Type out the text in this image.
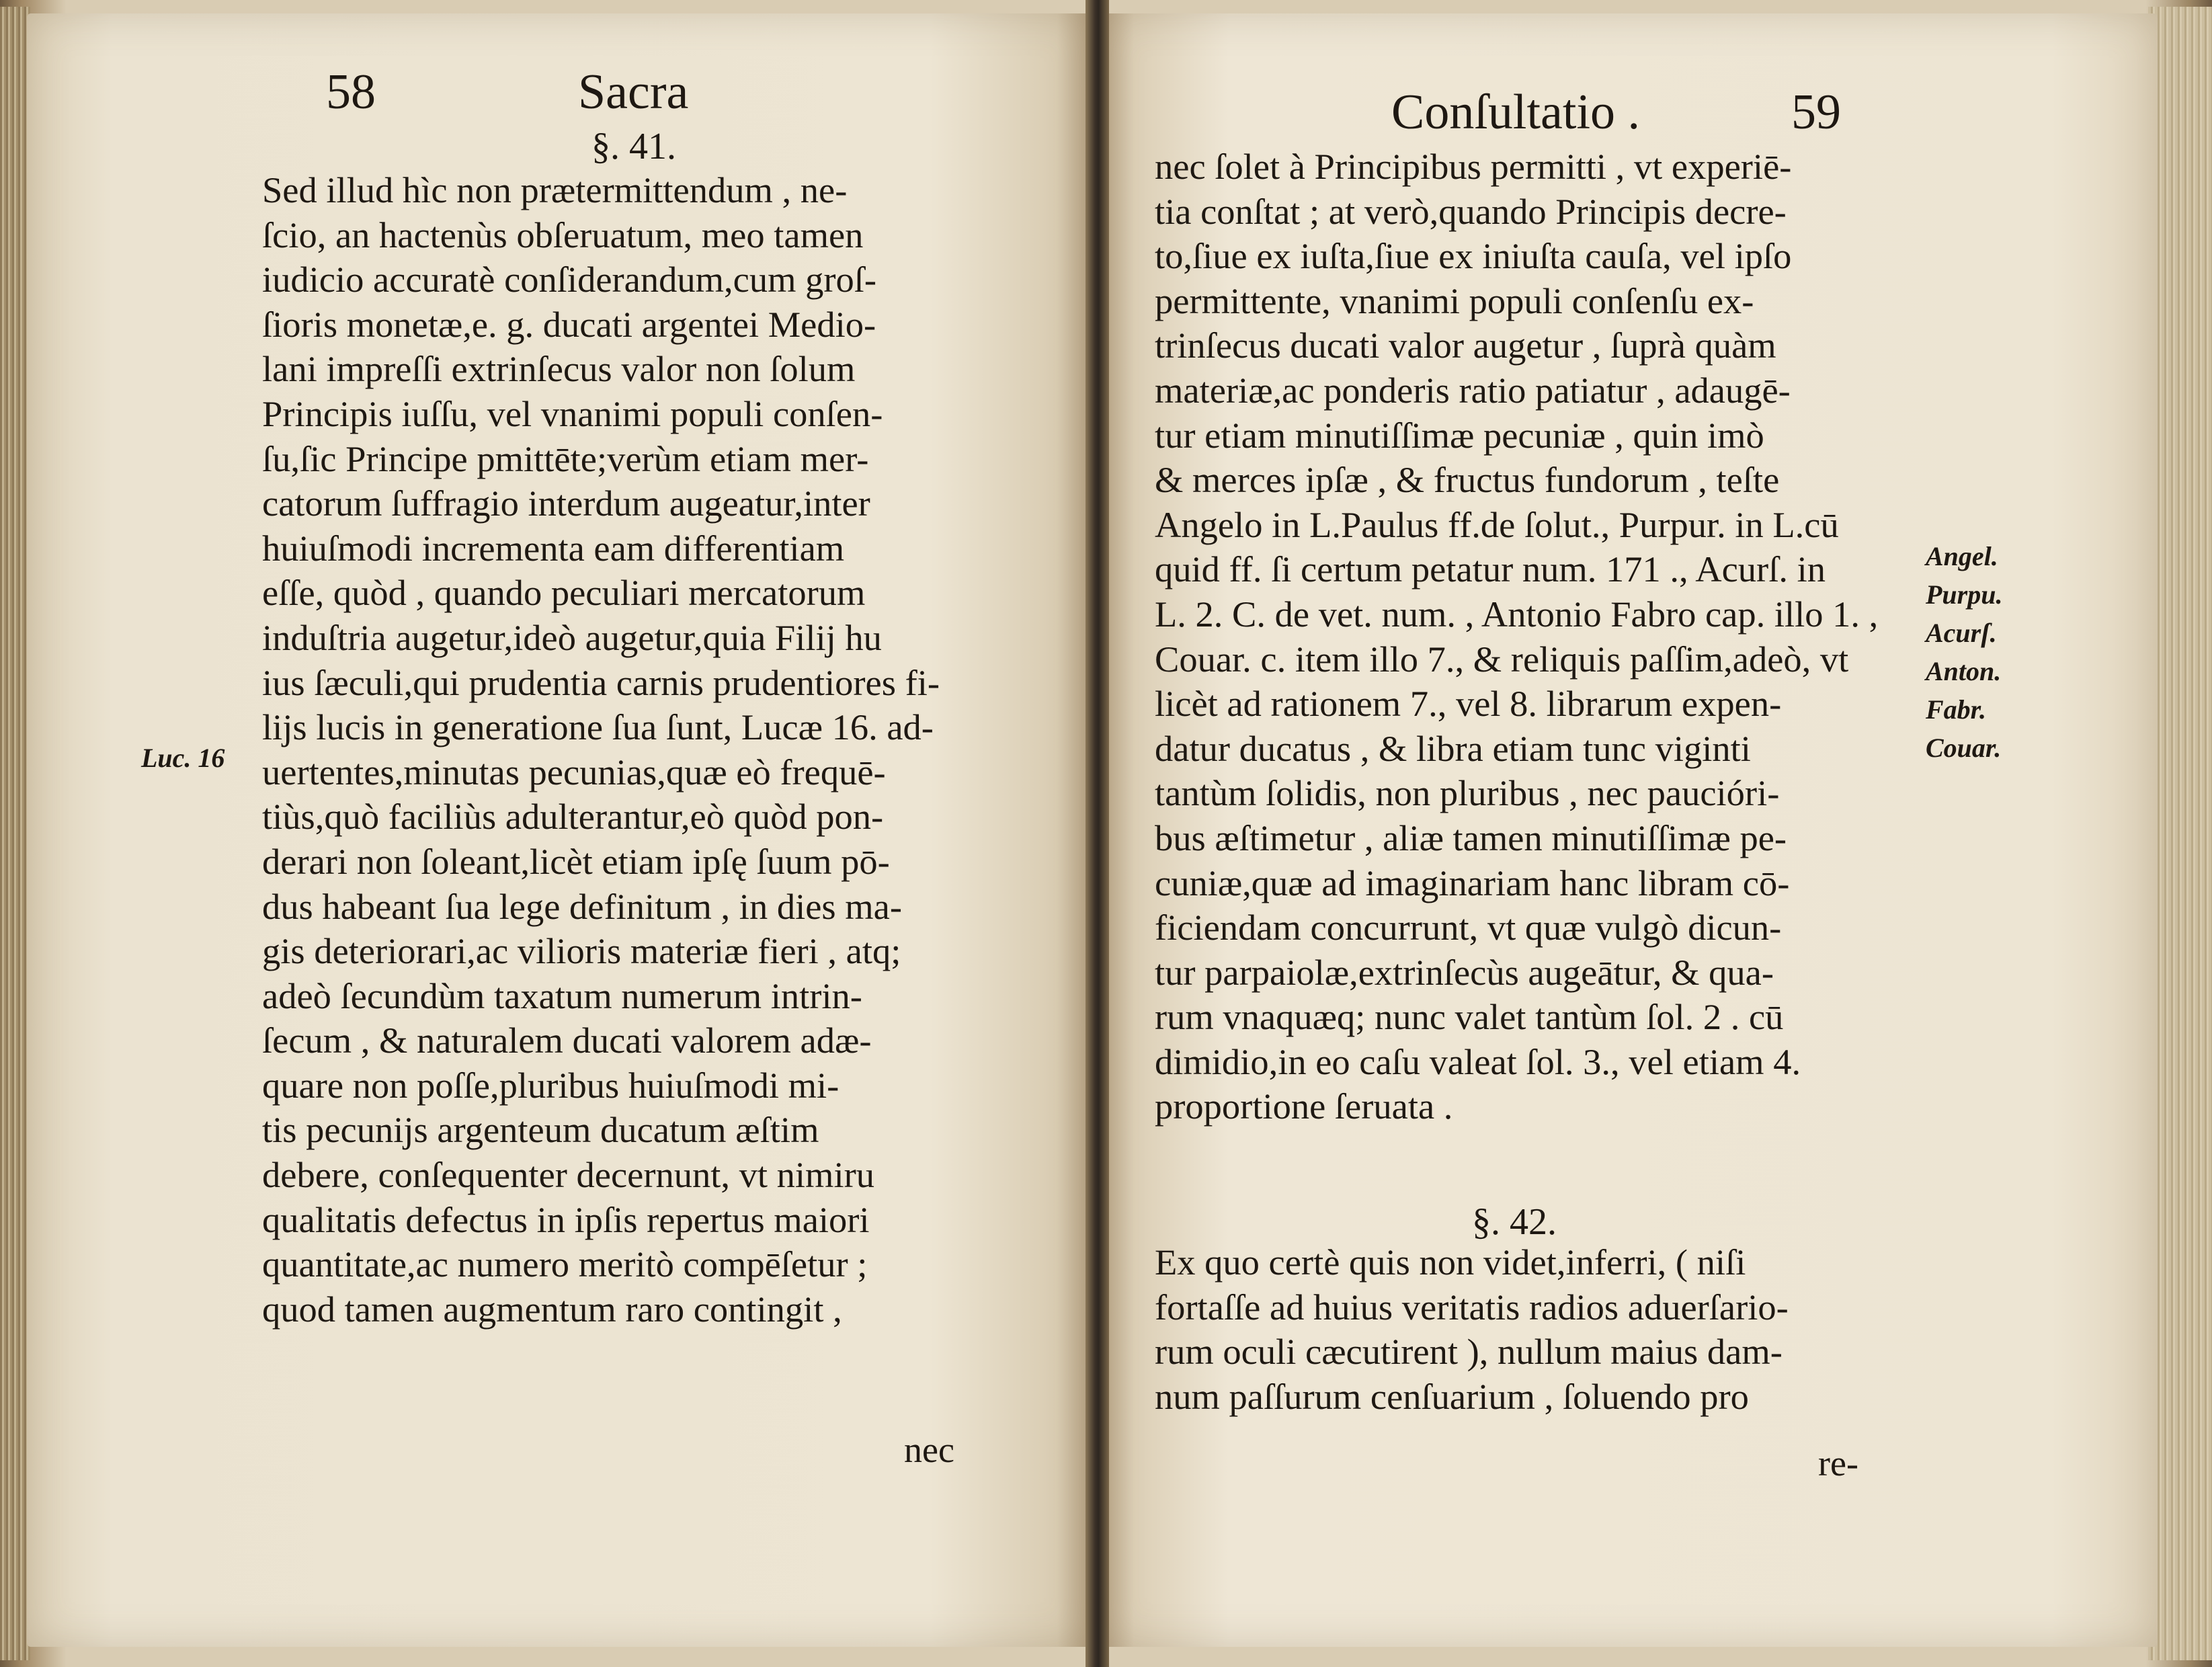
58	Sacra
§. 41.
Sed illud hìc non prætermittendum , ne-
ſcio, an hactenùs obſeruatum, meo tamen
iudicio accuratè conſiderandum,cum groſ-
ſioris monetæ,e. g. ducati argentei Medio-
lani impreſſi extrinſecus valor non ſolum
Principis iuſſu, vel vnanimi populi conſen-
ſu,ſic Principe pmittēte;verùm etiam mer-
catorum ſuffragio interdum augeatur,inter
huiuſmodi incrementa eam differentiam
eſſe, quòd , quando peculiari mercatorum
induſtria augetur,ideò augetur,quia Filij hu
ius ſæculi,qui prudentia carnis prudentiores fi-
lijs lucis in generatione ſua ſunt, Lucæ 16. ad-
uertentes,minutas pecunias,quæ eò frequē-
tiùs,quò faciliùs adulterantur,eò quòd pon-
derari non ſoleant,licèt etiam ipſę ſuum pō-
dus habeant ſua lege definitum , in dies ma-
gis deteriorari,ac vilioris materiæ fieri , atq;
adeò ſecundùm taxatum numerum intrin-
ſecum , & naturalem ducati valorem adæ-
quare non poſſe,pluribus huiuſmodi mi-
tis pecunijs argenteum ducatum æſtim
debere, conſequenter decernunt, vt nimiru
qualitatis defectus in ipſis repertus maiori
quantitate,ac numero meritò compēſetur ;
quod tamen augmentum raro contingit ,
Luc. 16
nec
Conſultatio .	59
nec ſolet à Principibus permitti , vt experiē-
tia conſtat ; at verò,quando Principis decre-
to,ſiue ex iuſta,ſiue ex iniuſta cauſa, vel ipſo
permittente, vnanimi populi conſenſu ex-
trinſecus ducati valor augetur , ſuprà quàm
materiæ,ac ponderis ratio patiatur , adaugē-
tur etiam minutiſſimæ pecuniæ , quin imò
& merces ipſæ , & fructus fundorum , teſte
Angelo in L.Paulus ff.de ſolut., Purpur. in L.cū
quid ff. ſi certum petatur num. 171 ., Acurſ. in
L. 2. C. de vet. num. , Antonio Fabro cap. illo 1. ,
Couar. c. item illo 7., & reliquis paſſim,adeò, vt
licèt ad rationem 7., vel 8. librarum expen-
datur ducatus , & libra etiam tunc viginti
tantùm ſolidis, non pluribus , nec paucióri-
bus æſtimetur , aliæ tamen minutiſſimæ pe-
cuniæ,quæ ad imaginariam hanc libram cō-
ficiendam concurrunt, vt quæ vulgò dicun-
tur parpaiolæ,extrinſecùs augeātur, & qua-
rum vnaquæq; nunc valet tantùm ſol. 2 . cū
dimidio,in eo caſu valeat ſol. 3., vel etiam 4.
proportione ſeruata .
§. 42.
Ex quo certè quis non videt,inferri, ( niſi
fortaſſe ad huius veritatis radios aduerſario-
rum oculi cæcutirent ), nullum maius dam-
num paſſurum cenſuarium , ſoluendo pro
re-
Angel.
Purpu.
Acurſ.
Anton.
Fabr.
Couar.
